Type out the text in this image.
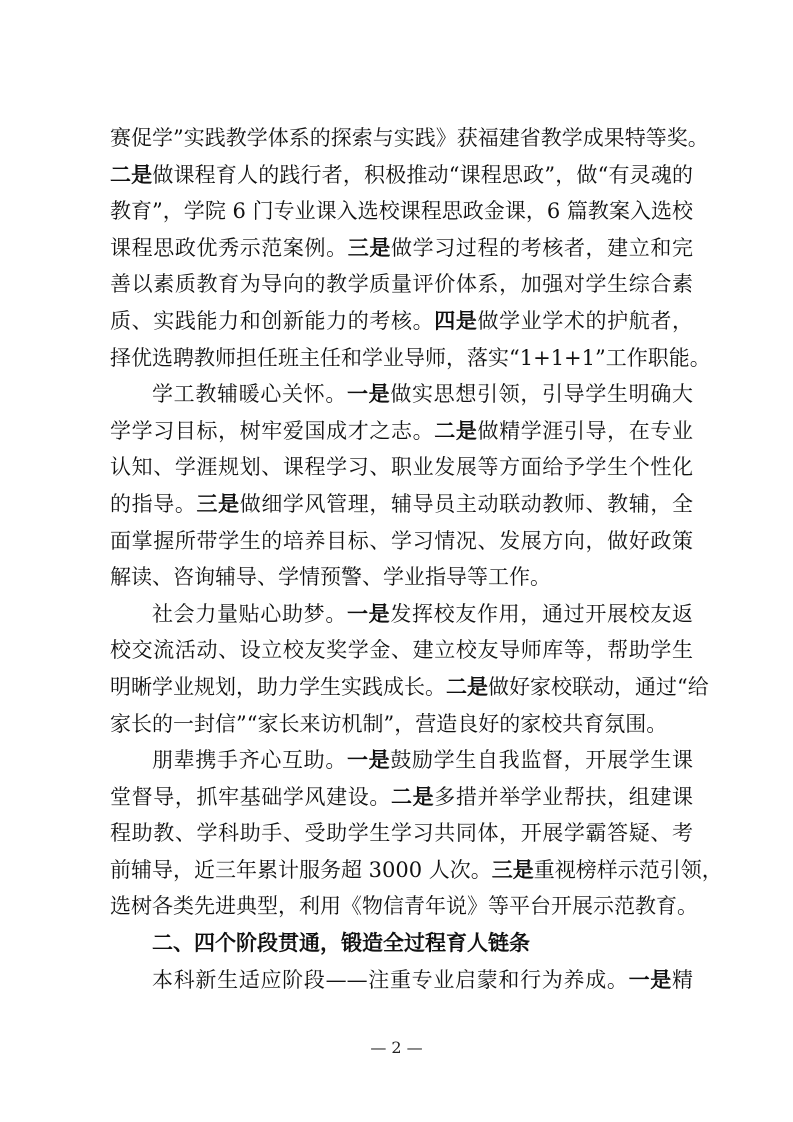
赛促学”实践教学体系的探索与实践》获福建省教学成果特等奖。
二是做课程育人的践行者，积极推动“课程思政”，做“有灵魂的
教育”，学院 6 门专业课入选校课程思政金课，6 篇教案入选校
课程思政优秀示范案例。三是做学习过程的考核者，建立和完
善以素质教育为导向的教学质量评价体系，加强对学生综合素
质、实践能力和创新能力的考核。四是做学业学术的护航者，
择优选聘教师担任班主任和学业导师，落实“1+1+1”工作职能。
学工教辅暖心关怀。一是做实思想引领，引导学生明确大
学学习目标，树牢爱国成才之志。二是做精学涯引导，在专业
认知、学涯规划、课程学习、职业发展等方面给予学生个性化
的指导。三是做细学风管理，辅导员主动联动教师、教辅，全
面掌握所带学生的培养目标、学习情况、发展方向，做好政策
解读、咨询辅导、学情预警、学业指导等工作。
社会力量贴心助梦。一是发挥校友作用，通过开展校友返
校交流活动、设立校友奖学金、建立校友导师库等，帮助学生
明晰学业规划，助力学生实践成长。二是做好家校联动，通过“给
家长的一封信”“家长来访机制”，营造良好的家校共育氛围。
朋辈携手齐心互助。一是鼓励学生自我监督，开展学生课
堂督导，抓牢基础学风建设。二是多措并举学业帮扶，组建课
程助教、学科助手、受助学生学习共同体，开展学霸答疑、考
前辅导，近三年累计服务超 3000 人次。三是重视榜样示范引领，
选树各类先进典型，利用《物信青年说》等平台开展示范教育。
二、四个阶段贯通，锻造全过程育人链条
本科新生适应阶段——注重专业启蒙和行为养成。一是精
— 2 —
